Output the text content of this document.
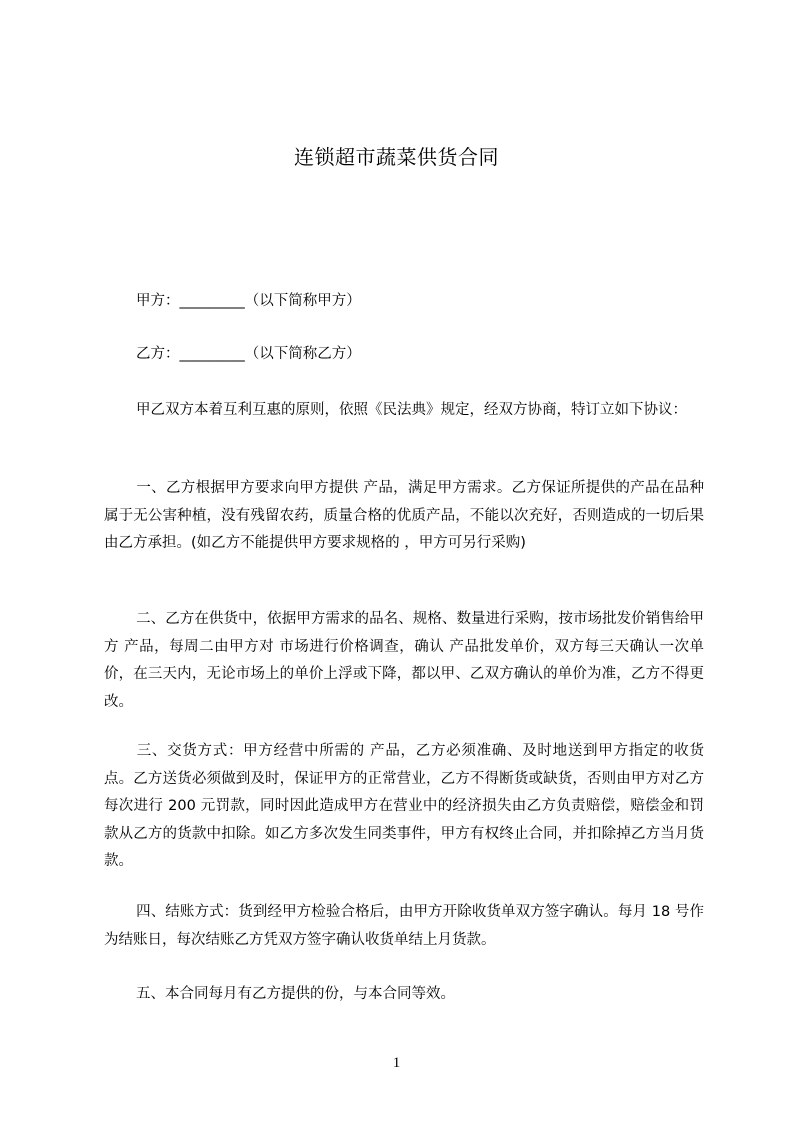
连锁超市蔬菜供货合同
甲方：_________（以下简称甲方）
乙方：_________（以下简称乙方）
甲乙双方本着互利互惠的原则，依照《民法典》规定，经双方协商，特订立如下协议：
一、乙方根据甲方要求向甲方提供 产品，满足甲方需求。乙方保证所提供的产品在品种属于无公害种植，没有残留农药，质量合格的优质产品，不能以次充好，否则造成的一切后果由乙方承担。(如乙方不能提供甲方要求规格的 ，甲方可另行采购)
二、乙方在供货中，依据甲方需求的品名、规格、数量进行采购，按市场批发价销售给甲方 产品，每周二由甲方对 市场进行价格调查，确认 产品批发单价，双方每三天确认一次单价，在三天内，无论市场上的单价上浮或下降，都以甲、乙双方确认的单价为准，乙方不得更改。
三、交货方式：甲方经营中所需的 产品，乙方必须准确、及时地送到甲方指定的收货点。乙方送货必须做到及时，保证甲方的正常营业，乙方不得断货或缺货，否则由甲方对乙方每次进行 200 元罚款，同时因此造成甲方在营业中的经济损失由乙方负责赔偿，赔偿金和罚款从乙方的货款中扣除。如乙方多次发生同类事件，甲方有权终止合同，并扣除掉乙方当月货款。
四、结账方式：货到经甲方检验合格后，由甲方开除收货单双方签字确认。每月 18 号作为结账日，每次结账乙方凭双方签字确认收货单结上月货款。
五、本合同每月有乙方提供的份，与本合同等效。
1
